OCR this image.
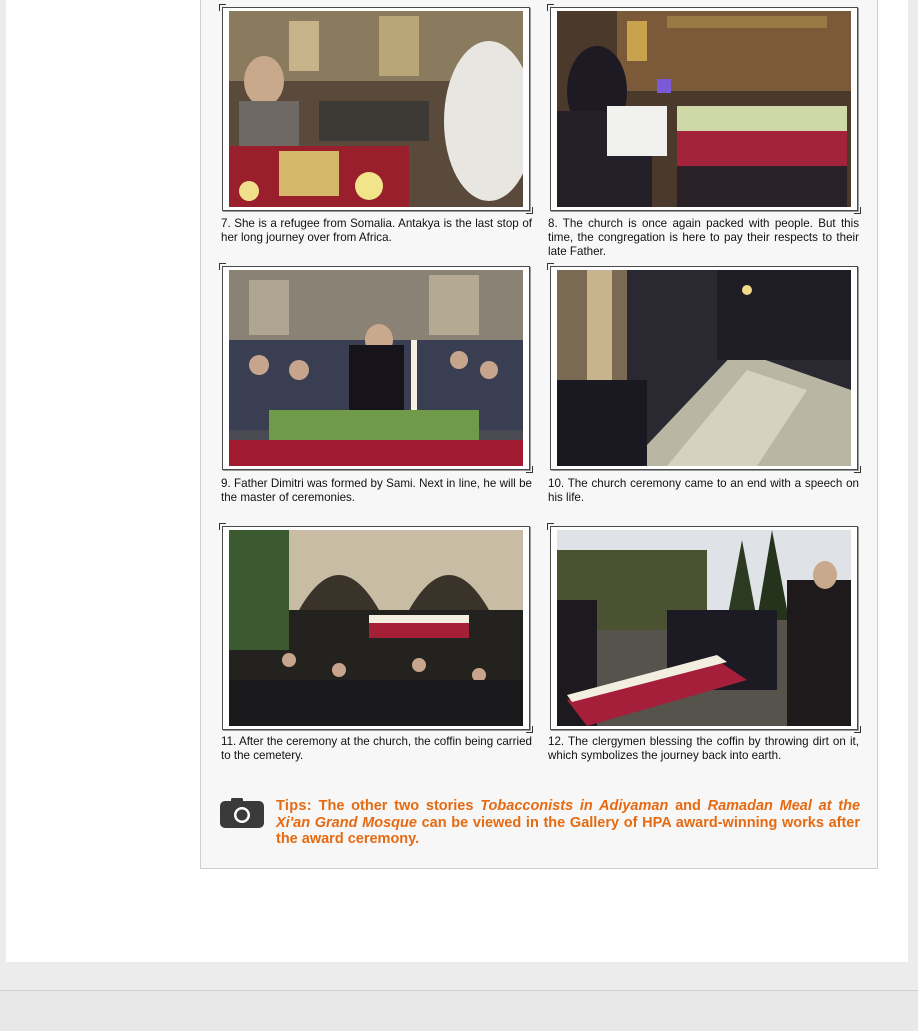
7. She is a refugee from Somalia. Antakya is the last stop of her long journey over from Africa.
8. The church is once again packed with people. But this time, the congregation is here to pay their respects to their late Father.
9. Father Dimitri was formed by Sami. Next in line, he will be the master of ceremonies.
10. The church ceremony came to an end with a speech on his life.
11. After the ceremony at the church, the coffin being carried to the cemetery.
12. The clergymen blessing the coffin by throwing dirt on it, which symbolizes the journey back into earth.
Tips: The other two stories Tobacconists in Adiyaman and Ramadan Meal at the Xi'an Grand Mosque can be viewed in the Gallery of HPA award-winning works after the award ceremony.
